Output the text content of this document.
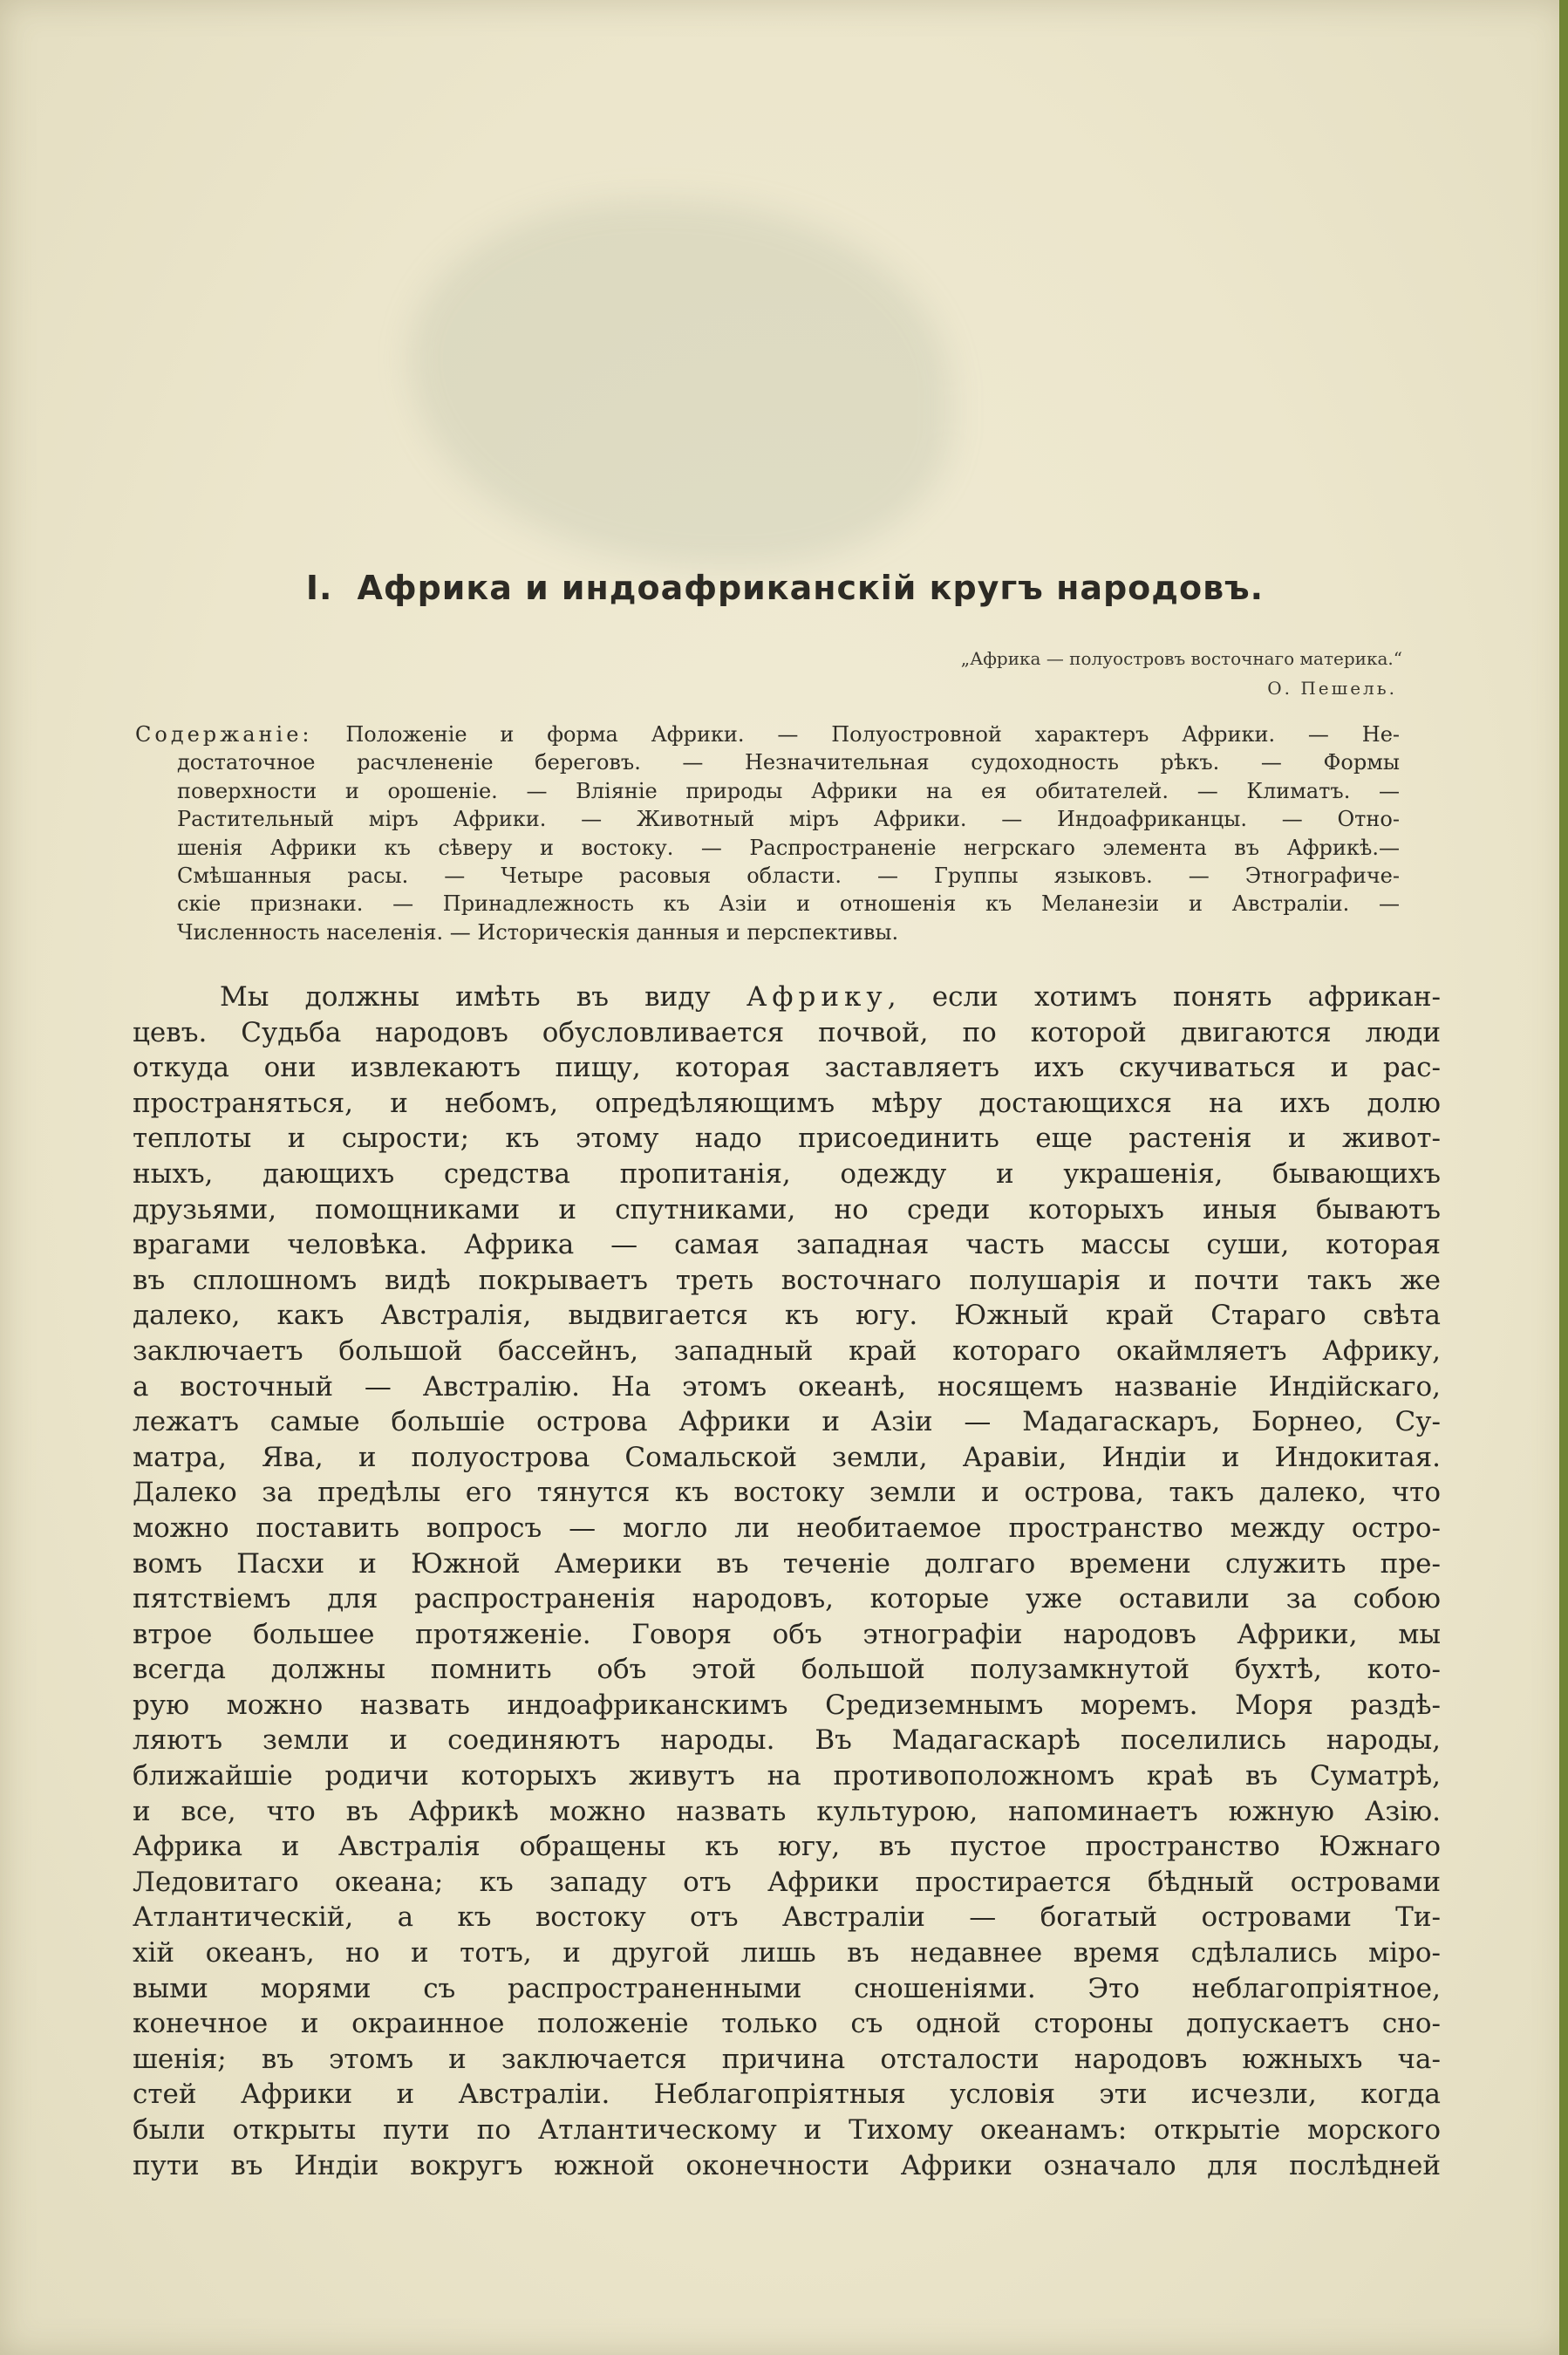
I. Африка и индоафриканскій кругъ народовъ.
„Африка — полуостровъ восточнаго материка.“
О. Пешель.
Содержаніе: Положеніе и форма Африки. — Полуостровной характеръ Африки. — Не-
достаточное расчлененіе береговъ. — Незначительная судоходность рѣкъ. — Формы
поверхности и орошеніе. — Вліяніе природы Африки на ея обитателей. — Климатъ. —
Растительный міръ Африки. — Животный міръ Африки. — Индоафриканцы. — Отно-
шенія Африки къ сѣверу и востоку. — Распространеніе негрскаго элемента въ Африкѣ.—
Смѣшанныя расы. — Четыре расовыя области. — Группы языковъ. — Этнографиче-
скіе признаки. — Принадлежность къ Азіи и отношенія къ Меланезіи и Австраліи. —
Численность населенія. — Историческія данныя и перспективы.
Мы должны имѣть въ виду Африку, если хотимъ понять африкан-
цевъ. Судьба народовъ обусловливается почвой, по которой двигаются люди
откуда они извлекаютъ пищу, которая заставляетъ ихъ скучиваться и рас-
пространяться, и небомъ, опредѣляющимъ мѣру достающихся на ихъ долю
теплоты и сырости; къ этому надо присоединить еще растенія и живот-
ныхъ, дающихъ средства пропитанія, одежду и украшенія, бывающихъ
друзьями, помощниками и спутниками, но среди которыхъ иныя бываютъ
врагами человѣка. Африка — самая западная часть массы суши, которая
въ сплошномъ видѣ покрываетъ треть восточнаго полушарія и почти такъ же
далеко, какъ Австралія, выдвигается къ югу. Южный край Стараго свѣта
заключаетъ большой бассейнъ, западный край котораго окаймляетъ Африку,
а восточный — Австралію. На этомъ океанѣ, носящемъ названіе Индійскаго,
лежатъ самые большіе острова Африки и Азіи — Мадагаскаръ, Борнео, Су-
матра, Ява, и полуострова Сомальской земли, Аравіи, Индіи и Индокитая.
Далеко за предѣлы его тянутся къ востоку земли и острова, такъ далеко, что
можно поставить вопросъ — могло ли необитаемое пространство между остро-
вомъ Пасхи и Южной Америки въ теченіе долгаго времени служить пре-
пятствіемъ для распространенія народовъ, которые уже оставили за собою
втрое большее протяженіе. Говоря объ этнографіи народовъ Африки, мы
всегда должны помнить объ этой большой полузамкнутой бухтѣ, кото-
рую можно назвать индоафриканскимъ Средиземнымъ моремъ. Моря раздѣ-
ляютъ земли и соединяютъ народы. Въ Мадагаскарѣ поселились народы,
ближайшіе родичи которыхъ живутъ на противоположномъ краѣ въ Суматрѣ,
и все, что въ Африкѣ можно назвать культурою, напоминаетъ южную Азію.
Африка и Австралія обращены къ югу, въ пустое пространство Южнаго
Ледовитаго океана; къ западу отъ Африки простирается бѣдный островами
Атлантическій, а къ востоку отъ Австраліи — богатый островами Ти-
хій океанъ, но и тотъ, и другой лишь въ недавнее время сдѣлались міро-
выми морями съ распространенными сношеніями. Это неблагопріятное,
конечное и окраинное положеніе только съ одной стороны допускаетъ сно-
шенія; въ этомъ и заключается причина отсталости народовъ южныхъ ча-
стей Африки и Австраліи. Неблагопріятныя условія эти исчезли, когда
были открыты пути по Атлантическому и Тихому океанамъ: открытіе морского
пути въ Индіи вокругъ южной оконечности Африки означало для послѣдней
